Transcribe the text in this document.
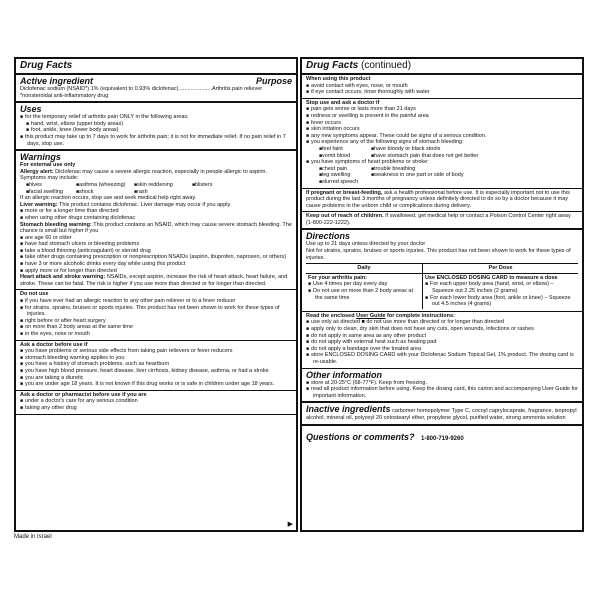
Drug Facts
Active ingredient	Purpose
Diclofenac sodium (NSAID*) 1% (equivalent to 0.93% diclofenac)......................Arthritis pain reliever
*nonsteroidal anti-inflammatory drug
Uses
■ for the temporary relief of arthritis pain ONLY in the following areas:
■ hand, wrist, elbow (upper body areas)
■ foot, ankle, knee (lower body areas)
■ this product may take up to 7 days to work for arthritis pain; it is not for immediate relief. If no pain relief in 7 days, stop use.
Warnings
For external use only
Allergy alert: Diclofenac may cause a severe allergic reaction, especially in people allergic to aspirin.
Symptoms may include:
■ hives	■ asthma (wheezing)	■ skin reddening	■ blisters
■ facial swelling	■ shock	■ rash
If an allergic reaction occurs, stop use and seek medical help right away.
Liver warning: This product contains diclofenac. Liver damage may occur if you apply
■ more or for a longer time than directed
■ when using other drugs containing diclofenac
Stomach bleeding warning: This product contains an NSAID, which may cause severe stomach bleeding. The chance is small but higher if you
■ are age 60 or older
■ have had stomach ulcers or bleeding problems
■ take a blood thinning (anticoagulant) or steroid drug
■ take other drugs containing prescription or nonprescription NSAIDs (aspirin, ibuprofen, naproxen, or others)
■ have 3 or more alcoholic drinks every day while using this product
■ apply more or for longer than directed
Heart attack and stroke warning: NSAIDs, except aspirin, increase the risk of heart attack, heart failure, and stroke. These can be fatal. The risk is higher if you use more than directed or for longer than directed.
Do not use
■ if you have ever had an allergic reaction to any other pain reliever or to a fever reducer
■ for strains, sprains, bruises or sports injuries. This product has not been shown to work for these types of injuries.
■ right before or after heart surgery
■ on more than 2 body areas at the same time
■ in the eyes, nose or mouth
Ask a doctor before use if
■ you have problems or serious side effects from taking pain relievers or fever reducers
■ stomach bleeding warning applies to you
■ you have a history of stomach problems, such as heartburn
■ you have high blood pressure, heart disease, liver cirrhosis, kidney disease, asthma, or had a stroke
■ you are taking a diuretic
■ you are under age 18 years. It is not known if this drug works or is safe in children under age 18 years.
Ask a doctor or pharmacist before use if you are
■ under a doctor's care for any serious condition
■ taking any other drug
▶
Drug Facts (continued)
When using this product
■ avoid contact with eyes, nose, or mouth
■ if eye contact occurs, rinse thoroughly with water
Stop use and ask a doctor if
■ pain gets worse or lasts more than 21 days
■ redness or swelling is present in the painful area
■ fever occurs
■ skin irritation occurs
■ any new symptoms appear. These could be signs of a serious condition.
■ you experience any of the following signs of stomach bleeding:
■ feel faint	■ have bloody or black stools
■ vomit blood	■ have stomach pain that does not get better
■ you have symptoms of heart problems or stroke:
■ chest pain	■ trouble breathing
■ leg swelling	■ weakness in one part or side of body
■ slurred speech
If pregnant or breast-feeding, ask a health professional before use. It is especially important not to use this product during the last 3 months of pregnancy unless definitely directed to do so by a doctor because it may cause problems in the unborn child or complications during delivery.
Keep out of reach of children. If swallowed, get medical help or contact a Poison Control Center right away (1-800-222-1222).
Directions
Use up to 21 days unless directed by your doctor
Not for strains, sprains, bruises or sports injuries. This product has not been shown to work for these types of injuries.
Daily	Per Dose
For your arthritis pain:
■ Use 4 times per day every day
■ Do not use on more than 2 body areas at the same time
Use ENCLOSED DOSING CARD to measure a dose
■ For each upper body area (hand, wrist, or elbow) – Squeeze out 2.25 inches (2 grams)
■ For each lower body area (foot, ankle or knee) – Squeeze out 4.5 inches (4 grams)
Read the enclosed User Guide for complete instructions:
■ use only as directed ■ do not use more than directed or for longer than directed
■ apply only to clean, dry skin that does not have any cuts, open wounds, infections or rashes
■ do not apply in same area as any other product
■ do not apply with external heat such as heating pad
■ do not apply a bandage over the treated area
■ store ENCLOSED DOSING CARD with your Diclofenac Sodium Topical Gel, 1% product. The dosing card is re-usable.
Other information
■ store at 20-25°C (68-77°F). Keep from freezing.
■ read all product information before using. Keep the dosing card, this carton and accompanying User Guide for important information.
Inactive ingredients carbomer homopolymer Type C, cocoyl caprylocaprate, fragrance, isopropyl alcohol, mineral oil, polyoxyl 20 cetostearyl ether, propylene glycol, purified water, strong ammonia solution
Questions or comments? 1-800-719-9260
Made in Israel
